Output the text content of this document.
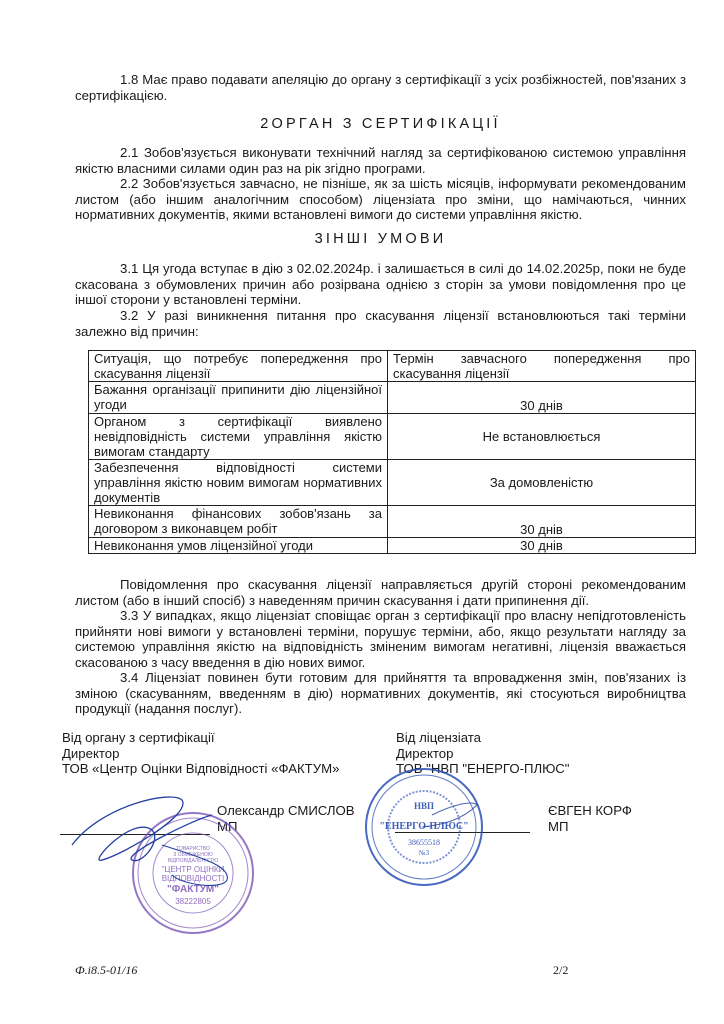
1.8 Має право подавати апеляцію до органу з сертифікації з усіх розбіжностей, пов'язаних з сертифікацією.

2ОРГАН З СЕРТИФІКАЦІЇ

2.1 Зобов'язується виконувати технічний нагляд за сертифікованою системою управління якістю власними силами один раз на рік згідно програми.

2.2 Зобов'язується завчасно, не пізніше, як за шість місяців, інформувати рекомендованим листом (або іншим аналогічним способом) ліцензіата про зміни, що намічаються, чинних нормативних документів, якими встановлені вимоги до системи управління якістю.

3ІНШІ УМОВИ

3.1 Ця угода вступає в дію з 02.02.2024р. і залишається в силі до 14.02.2025р, поки не буде скасована з обумовлених причин або розірвана однією з сторін за умови повідомлення про це іншої сторони у встановлені терміни.

3.2 У разі виникнення питання про скасування ліцензії встановлюються такі терміни залежно від причин:

Ситуація, що потребує попередження про скасування ліцензії	Термін завчасного попередження про скасування ліцензії
Бажання організації припинити дію ліцензійної угоди	30 днів
Органом з сертифікації виявлено невідповідність системи управління якістю вимогам стандарту	Не встановлюється
Забезпечення відповідності системи управління якістю новим вимогам нормативних документів	За домовленістю
Невиконання фінансових зобов'язань за договором з виконавцем робіт	30 днів
Невиконання умов ліцензійної угоди	30 днів

Повідомлення про скасування ліцензії направляється другій стороні рекомендованим листом (або в інший спосіб) з наведенням причин скасування і дати припинення дії.

3.3 У випадках, якщо ліцензіат сповіщає орган з сертифікації про власну непідготовленість прийняти нові вимоги у встановлені терміни, порушує терміни, або, якщо результати нагляду за системою управління якістю на відповідність зміненим вимогам негативні, ліцензія вважається скасованою з часу введення в дію нових вимог.

3.4 Ліцензіат повинен бути готовим для прийняття та впровадження змін, пов'язаних із зміною (скасуванням, введенням в дію) нормативних документів, які стосуються виробництва продукції (надання послуг).

Від органу з сертифікації
Директор
ТОВ «Центр Оцінки Відповідності «ФАКТУМ»
Олександр СМИСЛОВ
МП
ТОВАРИСТВО
З ОБМЕЖЕНОЮ
ВІДПОВІДАЛЬНІСТЮ
"ЦЕНТР ОЦІНКИ
ВІДПОВІДНОСТІ
"ФАКТУМ"
38222805
Від ліцензіата
Директор
ТОВ "НВП "ЕНЕРГО-ПЛЮС"
ЄВГЕН КОРФ
МП
НВП
"ЕНЕРГО-ПЛЮС"
38655518
№3
Ф.і8.5-01/16	2/2
